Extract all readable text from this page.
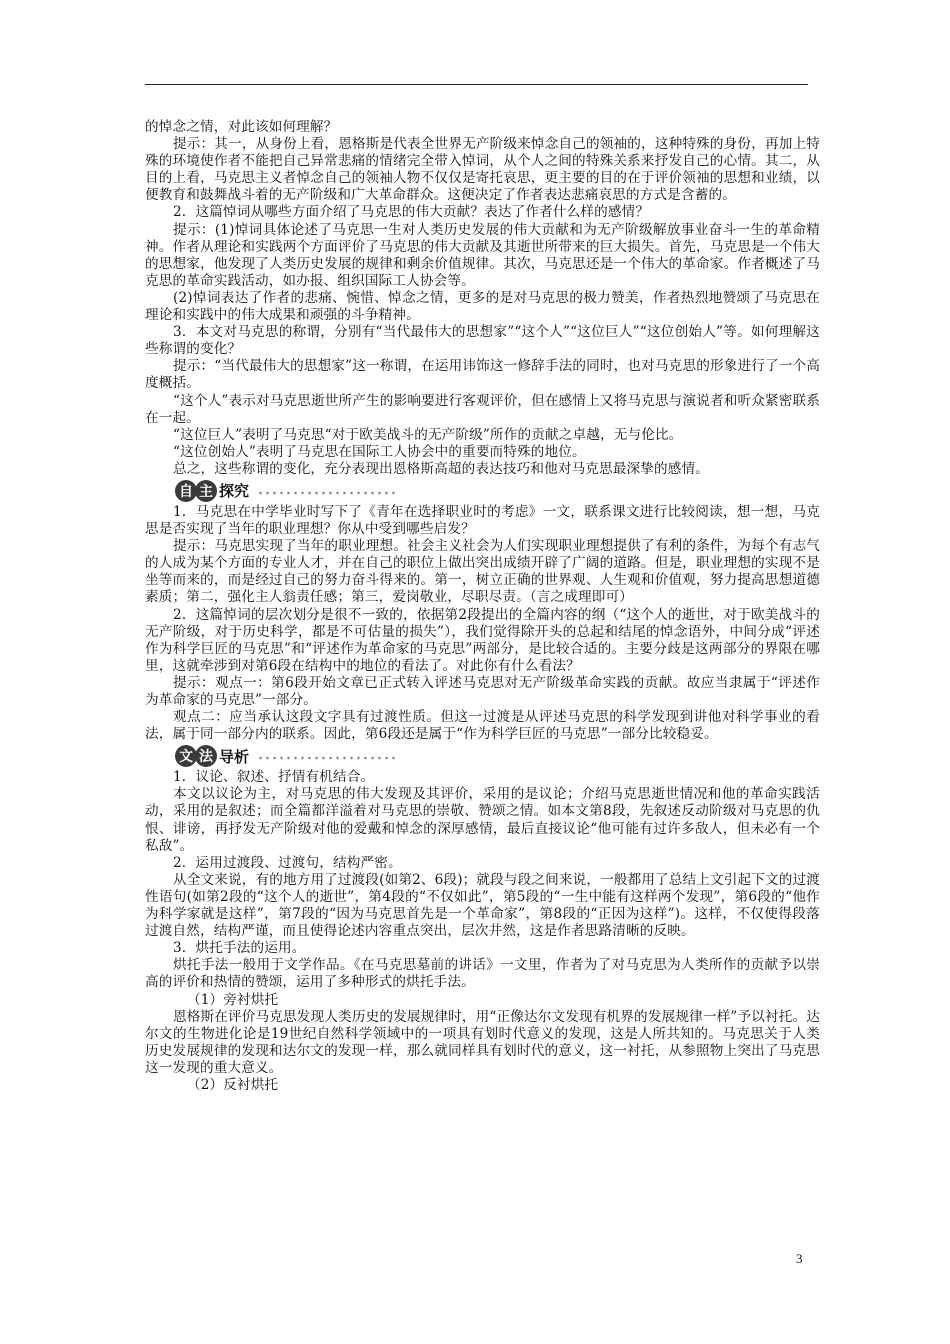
的悼念之情，对此该如何理解？

提示：其一，从身份上看，恩格斯是代表全世界无产阶级来悼念自己的领袖的，这种特殊的身份，再加上特殊的环境使作者不能把自己异常悲痛的情绪完全带入悼词，从个人之间的特殊关系来抒发自己的心情。其二，从目的上看，马克思主义者悼念自己的领袖人物不仅仅是寄托哀思，更主要的目的在于评价领袖的思想和业绩，以便教育和鼓舞战斗着的无产阶级和广大革命群众。这便决定了作者表达悲痛哀思的方式是含蓄的。

2．这篇悼词从哪些方面介绍了马克思的伟大贡献？表达了作者什么样的感情？

提示：(1)悼词具体论述了马克思一生对人类历史发展的伟大贡献和为无产阶级解放事业奋斗一生的革命精神。作者从理论和实践两个方面评价了马克思的伟大贡献及其逝世所带来的巨大损失。首先，马克思是一个伟大的思想家，他发现了人类历史发展的规律和剩余价值规律。其次，马克思还是一个伟大的革命家。作者概述了马克思的革命实践活动，如办报、组织国际工人协会等。

(2)悼词表达了作者的悲痛、惋惜、悼念之情，更多的是对马克思的极力赞美，作者热烈地赞颂了马克思在理论和实践中的伟大成果和顽强的斗争精神。

3．本文对马克思的称谓，分别有“当代最伟大的思想家”“这个人”“这位巨人”“这位创始人”等。如何理解这些称谓的变化？

提示：“当代最伟大的思想家”这一称谓，在运用讳饰这一修辞手法的同时，也对马克思的形象进行了一个高度概括。

“这个人”表示对马克思逝世所产生的影响要进行客观评价，但在感情上又将马克思与演说者和听众紧密联系在一起。

“这位巨人”表明了马克思“对于欧美战斗的无产阶级”所作的贡献之卓越，无与伦比。

“这位创始人”表明了马克思在国际工人协会中的重要而特殊的地位。

总之，这些称谓的变化，充分表现出恩格斯高超的表达技巧和他对马克思最深挚的感情。

自 主 探究

1．马克思在中学毕业时写下了《青年在选择职业时的考虑》一文，联系课文进行比较阅读，想一想，马克思是否实现了当年的职业理想？你从中受到哪些启发？

提示：马克思实现了当年的职业理想。社会主义社会为人们实现职业理想提供了有利的条件，为每个有志气的人成为某个方面的专业人才，并在自己的职位上做出突出成绩开辟了广阔的道路。但是，职业理想的实现不是坐等而来的，而是经过自己的努力奋斗得来的。第一，树立正确的世界观、人生观和价值观，努力提高思想道德素质；第二，强化主人翁责任感；第三，爱岗敬业，尽职尽责。（言之成理即可）

2．这篇悼词的层次划分是很不一致的，依据第2段提出的全篇内容的纲（“这个人的逝世，对于欧美战斗的无产阶级，对于历史科学，都是不可估量的损失”），我们觉得除开头的总起和结尾的悼念语外，中间分成“评述作为科学巨匠的马克思”和“评述作为革命家的马克思”两部分，是比较合适的。主要分歧是这两部分的界限在哪里，这就牵涉到对第6段在结构中的地位的看法了。对此你有什么看法？

提示：观点一：第6段开始文章已正式转入评述马克思对无产阶级革命实践的贡献。故应当隶属于“评述作为革命家的马克思”一部分。

观点二：应当承认这段文字具有过渡性质。但这一过渡是从评述马克思的科学发现到讲他对科学事业的看法，属于同一部分内的联系。因此，第6段还是属于“作为科学巨匠的马克思”一部分比较稳妥。

文 法 导析

1．议论、叙述、抒情有机结合。

本文以议论为主，对马克思的伟大发现及其评价，采用的是议论；介绍马克思逝世情况和他的革命实践活动，采用的是叙述；而全篇都洋溢着对马克思的崇敬、赞颂之情。如本文第8段，先叙述反动阶级对马克思的仇恨、诽谤，再抒发无产阶级对他的爱戴和悼念的深厚感情，最后直接议论“他可能有过许多敌人，但未必有一个私敌”。

2．运用过渡段、过渡句，结构严密。

从全文来说，有的地方用了过渡段(如第2、6段)；就段与段之间来说，一般都用了总结上文引起下文的过渡性语句(如第2段的“这个人的逝世”，第4段的“不仅如此”，第5段的“一生中能有这样两个发现”，第6段的“他作为科学家就是这样”，第7段的“因为马克思首先是一个革命家”，第8段的“正因为这样”)。这样，不仅使得段落过渡自然，结构严谨，而且使得论述内容重点突出，层次井然，这是作者思路清晰的反映。

3．烘托手法的运用。

烘托手法一般用于文学作品。《在马克思墓前的讲话》一文里，作者为了对马克思为人类所作的贡献予以崇高的评价和热情的赞颂，运用了多种形式的烘托手法。

（1）旁衬烘托

恩格斯在评价马克思发现人类历史的发展规律时，用“正像达尔文发现有机界的发展规律一样”予以衬托。达尔文的生物进化论是19世纪自然科学领域中的一项具有划时代意义的发现，这是人所共知的。马克思关于人类历史发展规律的发现和达尔文的发现一样，那么就同样具有划时代的意义，这一衬托，从参照物上突出了马克思这一发现的重大意义。

（2）反衬烘托

3
